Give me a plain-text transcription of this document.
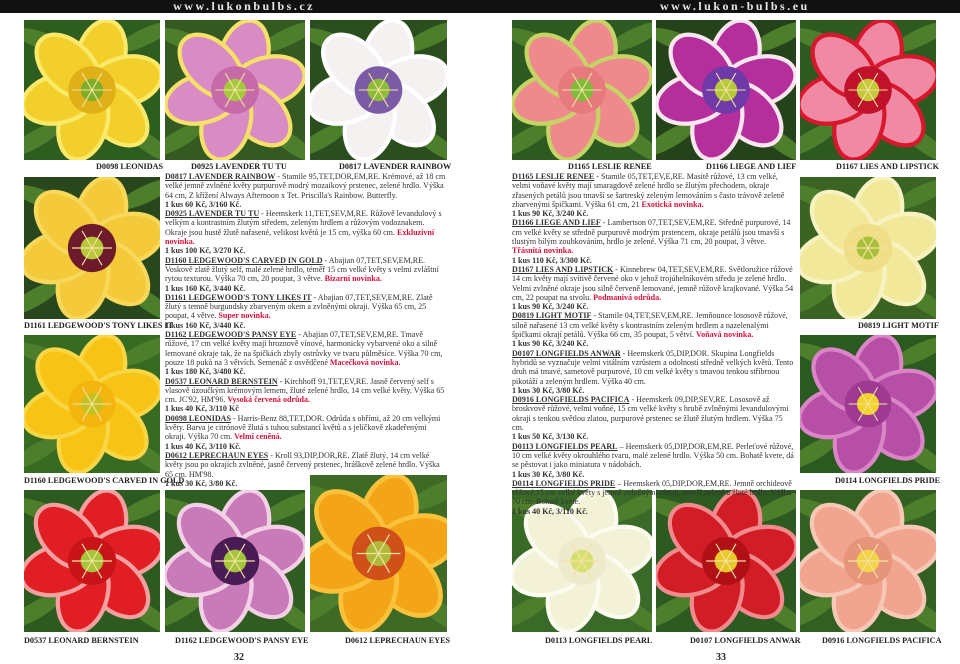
www.lukonbulbs.cz	www.lukon-bulbs.eu
D0098 LEONIDAS	D0925 LAVENDER TU TU	D0817 LAVENDER RAINBOW
D1161 LEDGEWOOD'S TONY LIKES IT
D1160 LEDGEWOOD'S CARVED IN GOLD
D0537 LEONARD BERNSTEIN	D1162 LEDGEWOOD'S PANSY EYE	D0612 LEPRECHAUN EYES
D1165 LESLIE RENEE	D1166 LIEGE AND LIEF	D1167 LIES AND LIPSTICK
D0819 LIGHT MOTIF
D0114 LONGFIELDS PRIDE
D0113 LONGFIELDS PEARL	D0107 LONGFIELDS ANWAR	D0916 LONGFIELDS PACIFICA

D0817 LAVENDER RAINBOW - Stamile 95,TET,DOR,EM,RE. Krémové, až 18 cm velké jemně zvlněné květy purpurově modrý mozaikový prstenec, zelené hrdlo. Výška 64 cm, Z křížení Always Afternoon x Tet. Priscilla's Rainbow. Butterfly.

1 kus 60 Kč, 3/160 Kč.

D0925 LAVENDER TU TU - Heemskerk 11,TET,SEV,M,RE. Růžově levandulový s velkým a kontrastním žlutým středem, zeleným hrdlem a růžovým vodoznakem. Okraje jsou hustě žlutě nařasené, velikost květů je 15 cm, výška 60 cm. Exkluzivní novinka.

1 kus 100 Kč, 3/270 Kč.

D1160 LEDGEWOOD'S CARVED IN GOLD - Abajian 07,TET,SEV,EM,RE. Voskově zlatě žlutý self, malé zelené hrdlo, téměř 15 cm velké květy s velmi zvláštní rytou texturou. Výška 70 cm, 20 poupat, 3 větve. Bizarní novinka.

1 kus 160 Kč, 3/440 Kč.

D1161 LEDGEWOOD'S TONY LIKES IT - Abajian 07,TET,SEV,EM,RE. Zlatě žlutý s temně burgundsky zbarveným okem a zvlněnými okraji. Výška 65 cm, 25 poupat, 4 větve. Super novinka.

1 kus 160 Kč, 3/440 Kč.

D1162 LEDGEWOOD'S PANSY EYE - Abajian 07,TET,SEV,EM,RE. Tmavě růžové, 17 cm velké květy mají hroznově vínové, harmonicky vybarvené oko a silně lemované okraje tak, že na špičkách zbyly ostrůvky ve tvaru půlměsíce. Výška 70 cm, pouze 18 puků na 3 větvích. Semenáč z osvědčené Macečková novinka.

1 kus 180 Kč, 3/480 Kč.

D0537 LEONARD BERNSTEIN - Kirchhoff 91,TET,EV,RE. Jasně červený self s vlasově úzoučkým krémovým lemem, žluté zelené hrdlo, 14 cm velké květy. Výška 65 cm. JC'92, HM'96. Vysoká červená odrůda.

1 kus 40 Kč, 3/110 Kč

D0098 LEONIDAS - Harris-Benz 88,TET,DOR. Odrůda s obřími, až 20 cm velkými květy. Barva je citrónově žlutá s tuhou substancí květů a s jelíčkově zkadeřenými okraji. Výška 70 cm. Velmi ceněná.

1 kus 40 Kč, 3/110 Kč.

D0612 LEPRECHAUN EYES - Kroll 93,DIP,DOR,RE. Zlatě žlutý, 14 cm velké květy jsou po okrajích zvlněné, jasně červený prstenec, hráškově zelené hrdlo. Výška 65 cm. HM'98.

1 kus 30 Kč, 3/80 Kč.

D1165 LESLIE RENEE - Stamile 05,TET,EV,E,RE. Masitě růžové, 13 cm velké, velmi voňavé květy mají smaragdově zelené hrdlo se žlutým přechodem, okraje zřasených petálů jsou tmavší se šartreský zeleným lemováním s často trávově zeleně zbarvenými špičkami. Výška 61 cm, 21 Exotická novinka.

1 kus 90 Kč, 3/240 Kč.

D1166 LIEGE AND LIEF - Lambertson 07,TET,SEV,EM,RE. Středně purpurové, 14 cm velké květy se středně purpurově modrým prstencem, okraje petálů jsou tmavší s tlustým bílým zoubkováním, hrdlo je zelené. Výška 71 cm, 20 poupat, 3 větve. Třásnitá novinka.

1 kus 110 Kč, 3/300 Kč.

D1167 LIES AND LIPSTICK - Kinnebrew 04,TET,SEV,EM,RE. Světloružice růžové 14 cm květy mají svítivě červené oko v jehož trojúhelníkovém středu je zelené hrdlo. Velmi zvlněné okraje jsou silně červeně lemované, jemně růžově krajkované. Výška 54 cm, 22 poupat na stvolu. Podmanivá odrůda.

1 kus 90 Kč, 3/240 Kč.

D0819 LIGHT MOTIF - Stamile 04,TET,SEV,EM,RE. Jemňounce lososově růžové, silně nařasené 13 cm velké květy s kontrastním zeleným hrdlem a nazelenalými špičkami okrají petálů. Výška 66 cm, 35 poupat, 5 větví. Voňavá novinka.

1 kus 90 Kč, 3/240 Kč.

D0107 LONGFIELDS ANWAR - Heemskerk 05,DIP,DOR. Skupina Longfields hybridů se vyznačuje velmi vitálním vzrůstem a odolností středně velkých květů. Tento druh má tmavé, sametově purpurové, 10 cm velké květy s tmavou tenkou stříbrnou pikotáží a zeleným hrdlem. Výška 40 cm.

1 kus 30 Kč, 3/80 Kč.

D0916 LONGFIELDS PACIFICA - Heemskerk 09,DIP,SEV,RE. Lososově až broskvově růžové, velmi voňné, 15 cm velké květy s hrubě zvlněnými levandulovými okraji s tenkou světlou zlatou, purpurové prstenec se žlutě žlutým hrdlem. Výška 75 cm.

1 kus 50 Kč, 3/130 Kč.

D0113 LONGFIELDS PEARL – Heemskerk 05,DIP,DOR,EM,RE. Perleťové růžové, 10 cm velké květy okrouhlého tvaru, malé zelené hrdlo. Výška 50 cm. Bohatě kvete, dá se pěstovat i jako miniatura v nádobách.

1 kus 30 Kč, 3/80 Kč.

D0114 LONGFIELDS PRIDE – Heemskerk 05,DIP,DOR,EM,RE. Jemně orchideově růžové,15 cm velké květy s jemně zvlněnými okraji, menší zelené a žluté hrdlo. Výška 70 cm. Bohatě kvete.

1 kus 40 Kč, 3/110 Kč.

32	33
